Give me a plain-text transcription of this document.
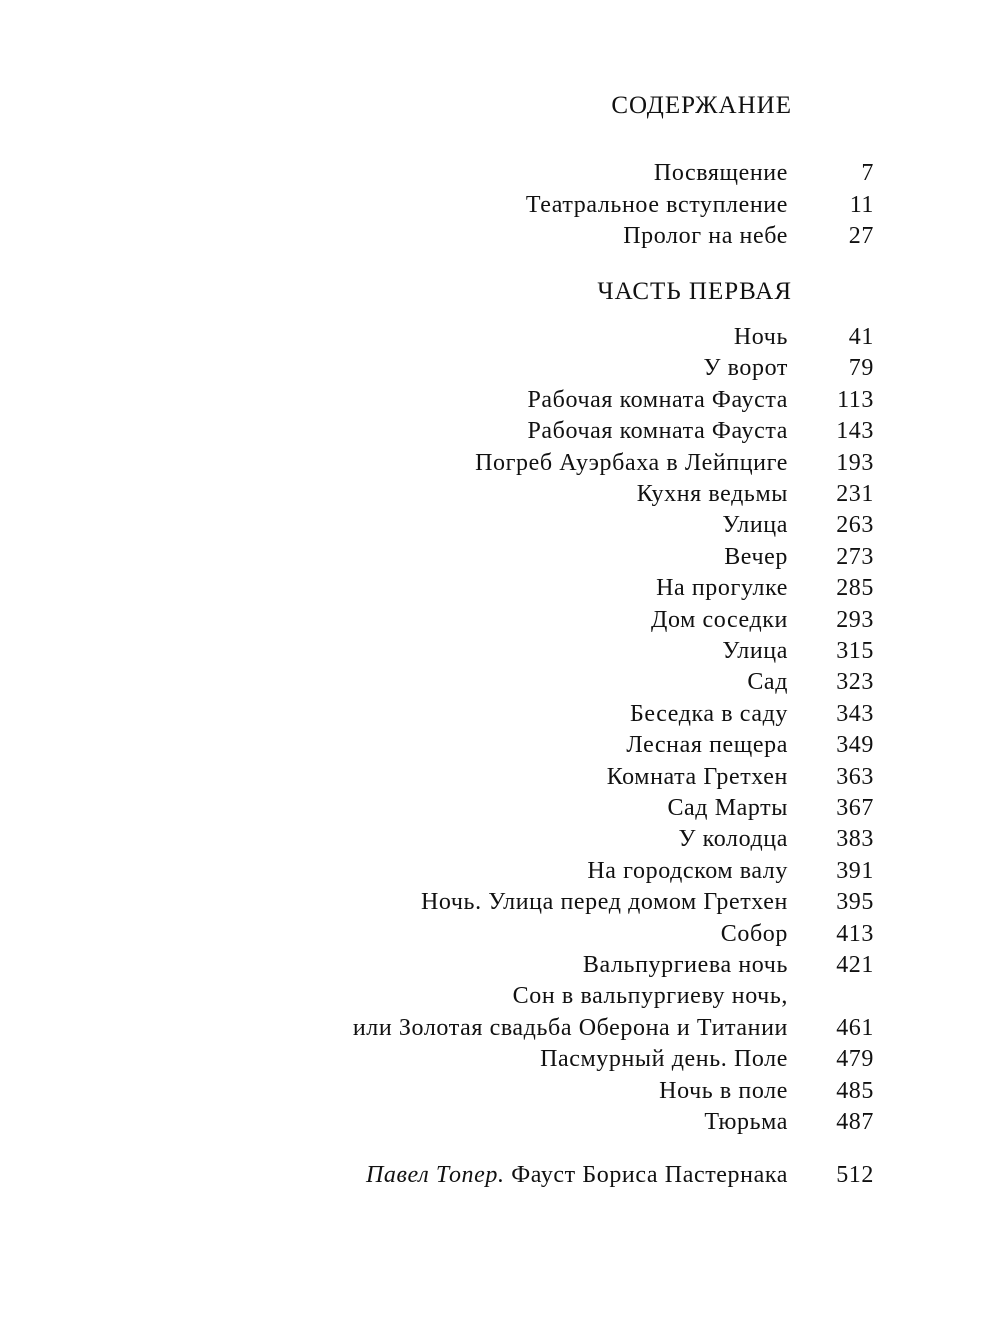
СОДЕРЖАНИЕ
Посвящение	7
Театральное вступление	11
Пролог на небе	27
ЧАСТЬ ПЕРВАЯ
Ночь	41
У ворот	79
Рабочая комната Фауста 113
Рабочая комната Фауста 143
Погреб Ауэрбаха в Лейпциге 193
Кухня ведьмы 231
Улица 263
Вечер 273
На прогулке 285
Дом соседки 293
Улица 315
Сад 323
Беседка в саду 343
Лесная пещера 349
Комната Гретхен 363
Сад Марты 367
У колодца 383
На городском валу 391
Ночь. Улица перед домом Гретхен 395
Собор 413
Вальпургиева ночь 421
Сон в вальпургиеву ночь,
или Золотая свадьба Оберона и Титании 461
Пасмурный день. Поле 479
Ночь в поле 485
Тюрьма 487
Павел Топер. Фауст Бориса Пастернака 512
